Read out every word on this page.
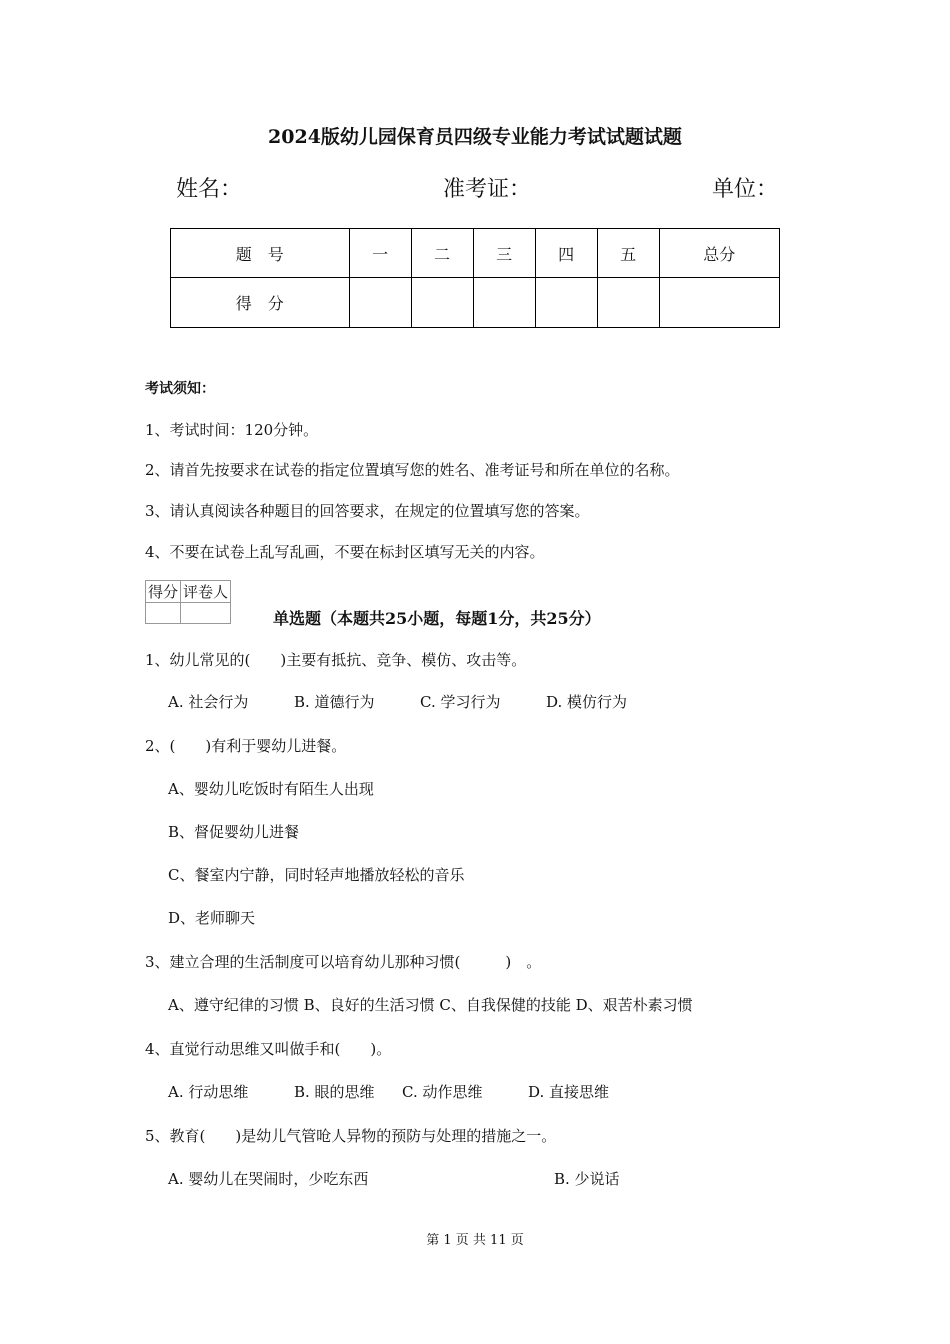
2024版幼儿园保育员四级专业能力考试试题试题
姓名：	准考证：	单位：
题　号	一	二	三	四	五	总分
得　分						
考试须知：
1、考试时间：120分钟。
2、请首先按要求在试卷的指定位置填写您的姓名、准考证号和所在单位的名称。
3、请认真阅读各种题目的回答要求，在规定的位置填写您的答案。
4、不要在试卷上乱写乱画，不要在标封区填写无关的内容。
得分	评卷人

单选题（本题共25小题，每题1分，共25分）
1、幼儿常见的(　　)主要有抵抗、竞争、模仿、攻击等。
A. 社会行为	B. 道德行为	C. 学习行为	D. 模仿行为
2、(　　)有利于婴幼儿进餐。
A、婴幼儿吃饭时有陌生人出现
B、督促婴幼儿进餐
C、餐室内宁静，同时轻声地播放轻松的音乐
D、老师聊天
3、建立合理的生活制度可以培育幼儿那种习惯(　　　)　。
A、遵守纪律的习惯 B、良好的生活习惯 C、自我保健的技能 D、艰苦朴素习惯
4、直觉行动思维又叫做手和(　　)。
A. 行动思维	B. 眼的思维 C. 动作思维	D. 直接思维
5、教育(　　)是幼儿气管呛人异物的预防与处理的措施之一。
A. 婴幼儿在哭闹时，少吃东西	B. 少说话
第 1 页 共 11 页
